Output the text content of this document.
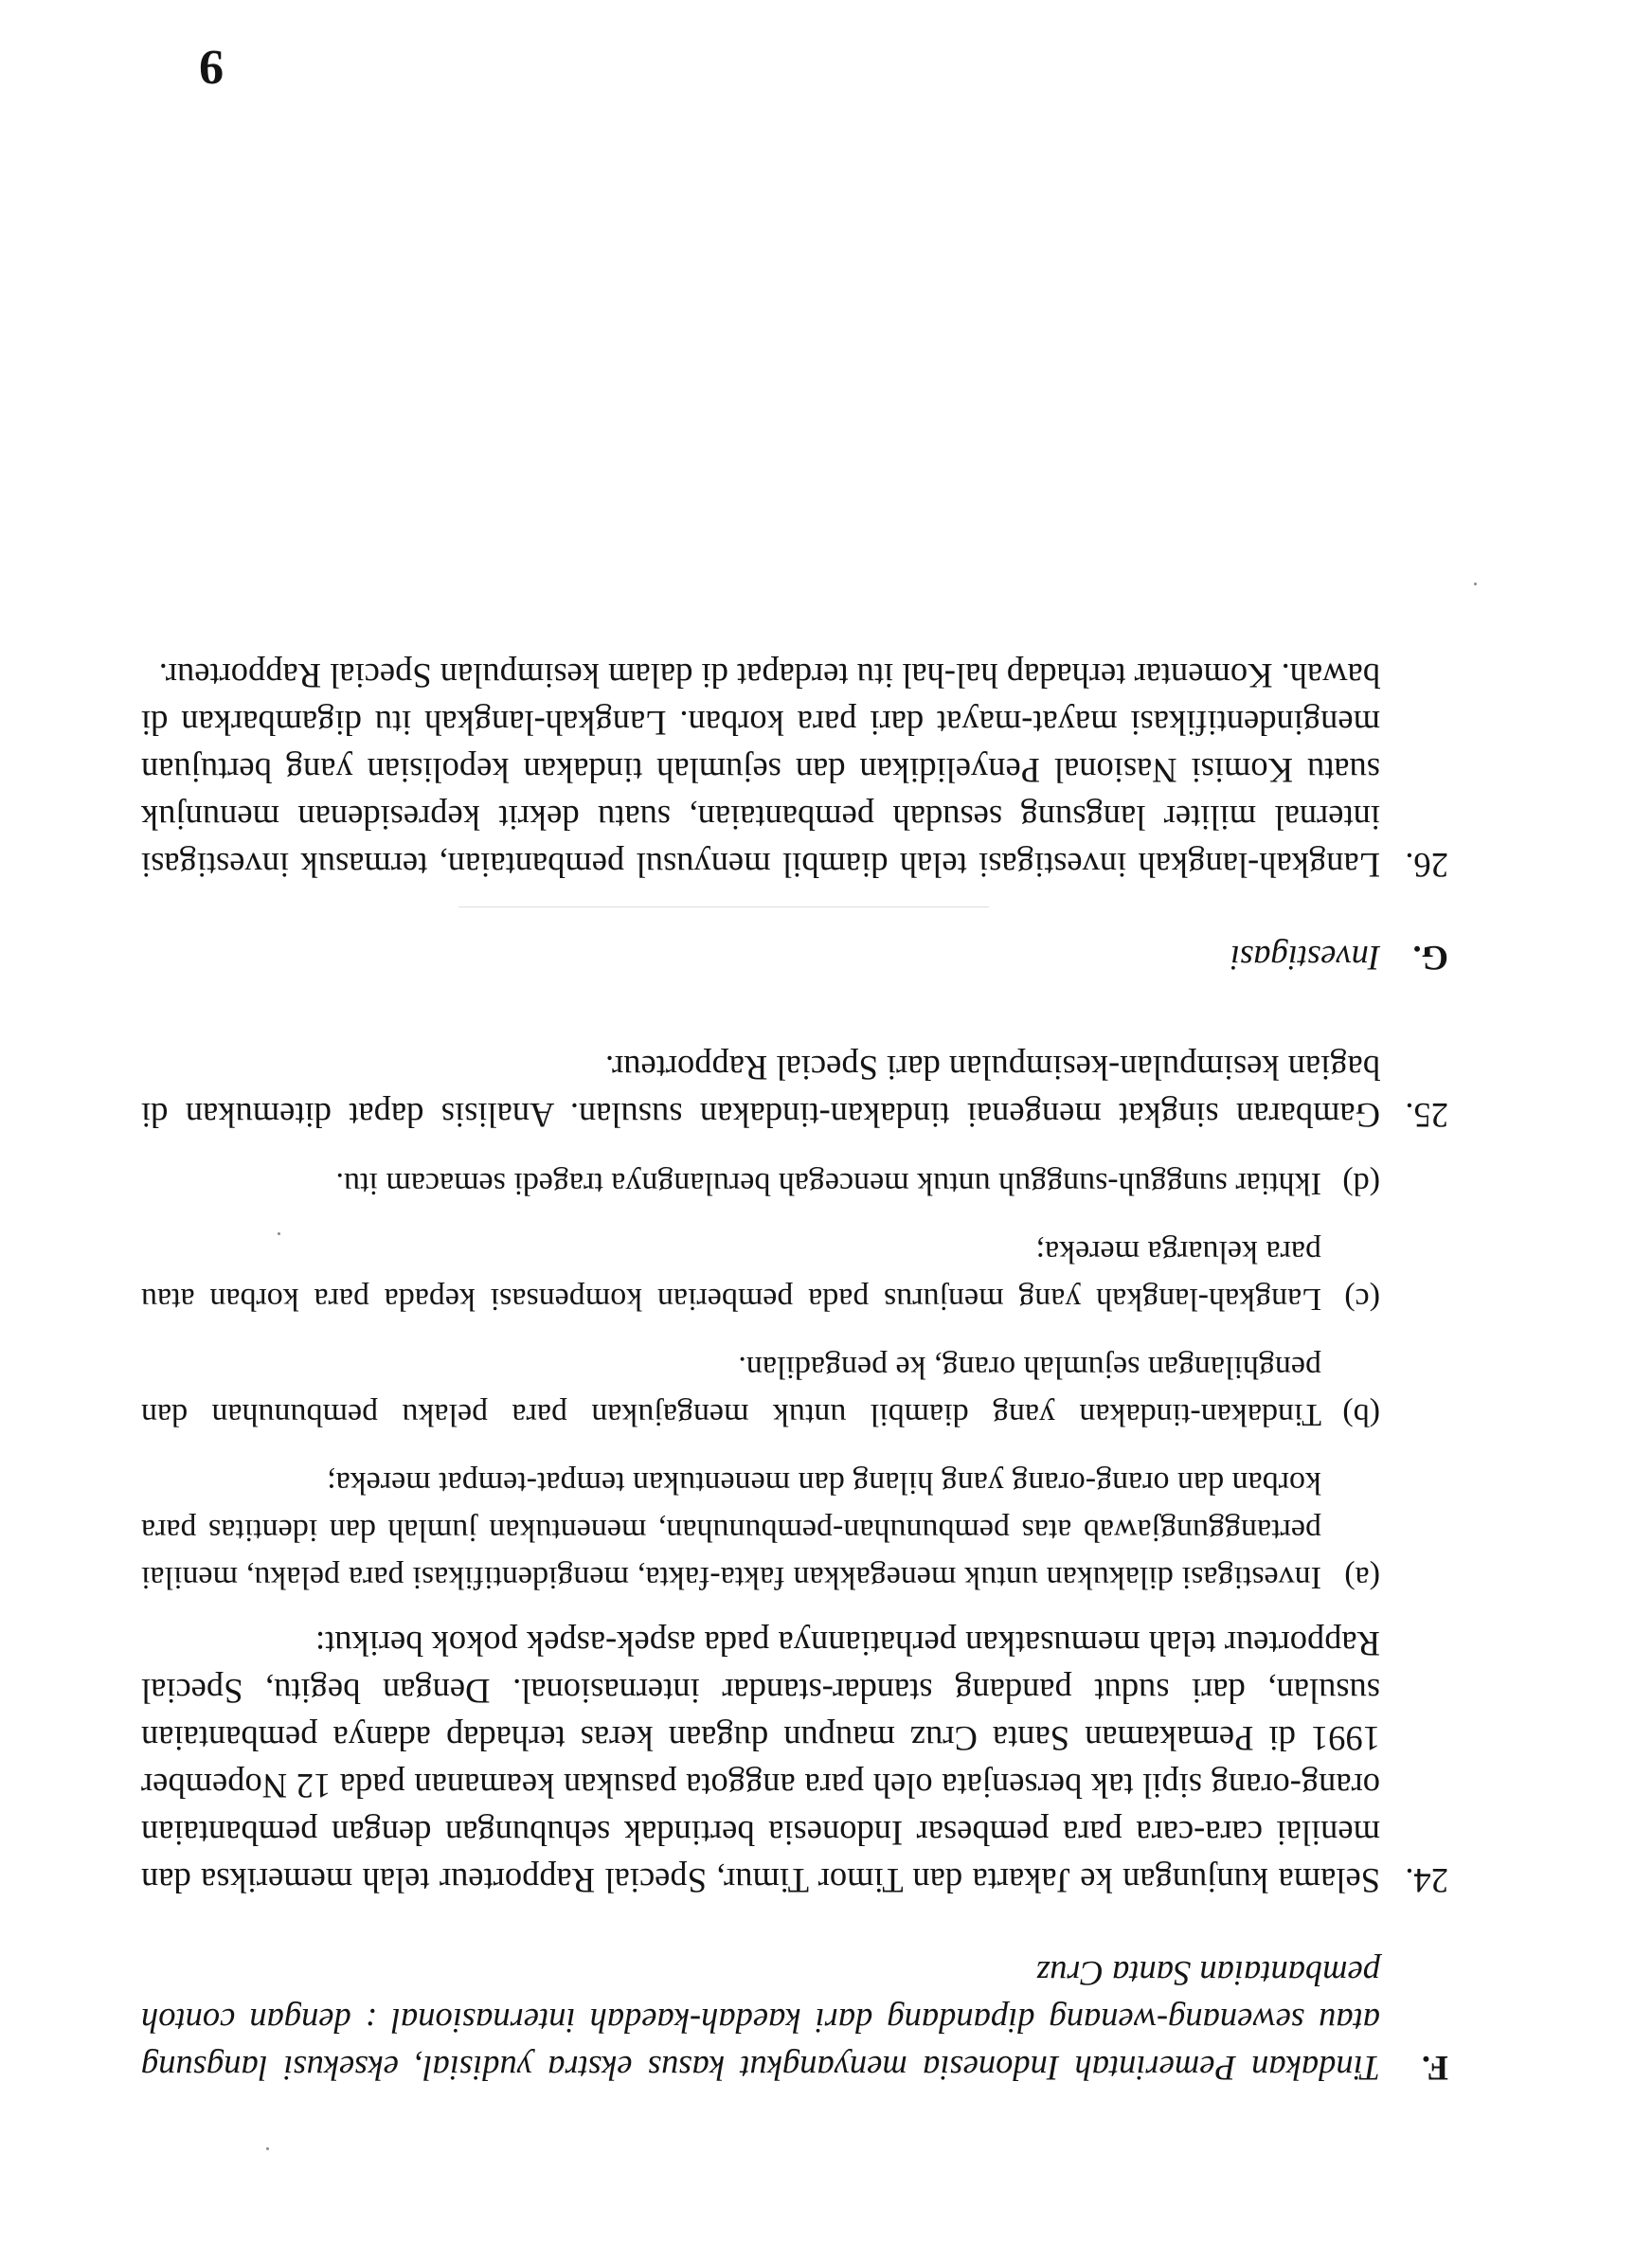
9
F.
Tindakan Pemerintah Indonesia menyangkut kasus ekstra yudisial, eksekusi langsung atau sewenang-wenang dipandang dari kaedah-kaedah internasional : dengan contoh pembantaian Santa Cruz
24.
Selama kunjungan ke Jakarta dan Timor Timur, Special Rapporteur telah memeriksa dan menilai cara-cara para pembesar Indonesia bertindak sehubungan dengan pembantaian orang-orang sipil tak bersenjata oleh para anggota pasukan keamanan pada 12 Nopember 1991 di Pemakaman Santa Cruz maupun dugaan keras terhadap adanya pembantaian susulan, dari sudut pandang standar-standar internasional. Dengan begitu, Special Rapporteur telah memusatkan perhatiannya pada aspek-aspek pokok berikut:
(a)
Investigasi dilakukan untuk menegakkan fakta-fakta, mengidentifikasi para pelaku, menilai pertanggungjawab atas pembunuhan-pembunuhan, menentukan jumlah dan identitas para korban dan orang-orang yang hilang dan menentukan tempat-tempat mereka;
(b)
Tindakan-tindakan yang diambil untuk mengajukan para pelaku pembunuhan dan penghilangan sejumlah orang, ke pengadilan.
(c)
Langkah-langkah yang menjurus pada pemberian kompensasi kepada para korban atau para keluarga mereka;
(d)
Ikhtiar sungguh-sungguh untuk mencegah berulangnya tragedi semacam itu.
25.
Gambaran singkat mengenai tindakan-tindakan susulan. Analisis dapat ditemukan di bagian kesimpulan-kesimpulan dari Special Rapporteur.
G.
Investigasi
26.
Langkah-langkah investigasi telah diambil menyusul pembantaian, termasuk investigasi internal militer langsung sesudah pembantaian, suatu dekrit kepresidenan menunjuk suatu Komisi Nasional Penyelidikan dan sejumlah tindakan kepolisian yang bertujuan mengindentifikasi mayat-mayat dari para korban. Langkah-langkah itu digambarkan di bawah. Komentar terhadap hal-hal itu terdapat di dalam kesimpulan Special Rapporteur.
